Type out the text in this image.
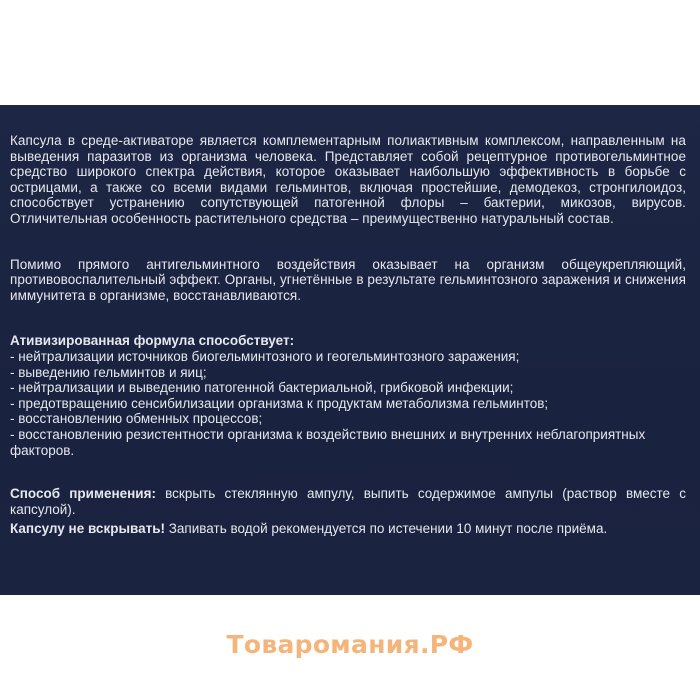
Капсула в среде-активаторе является комплементарным полиактивным комплексом, направленным на выведения паразитов из организма человека. Представляет собой рецептурное противогельминтное средство широкого спектра действия, которое оказывает наибольшую эффективность в борьбе с острицами, а также со всеми видами гельминтов, включая простейшие, демодекоз, стронгилоидоз, способствует устранению сопутствующей патогенной флоры – бактерии, микозов, вирусов. Отличительная особенность растительного средства – преимущественно натуральный состав.

Помимо прямого антигельминтного воздействия оказывает на организм общеукрепляющий, противовоспалительный эффект. Органы, угнетённые в результате гельминтозного заражения и снижения иммунитета в организме, восстанавливаются.

Ативизированная формула способствует:

- нейтрализации источников биогельминтозного и геогельминтозного заражения;
- выведению гельминтов и яиц;
- нейтрализации и выведению патогенной бактериальной, грибковой инфекции;
- предотвращению сенсибилизации организма к продуктам метаболизма гельминтов;
- восстановлению обменных процессов;
- восстановлению резистентности организма к воздействию внешних и внутренних неблагоприятных факторов.

Способ применения: вскрыть стеклянную ампулу, выпить содержимое ампулы (раствор вместе с капсулой).

Капсулу не вскрывать! Запивать водой рекомендуется по истечении 10 минут после приёма.

Товаромания.РФ
